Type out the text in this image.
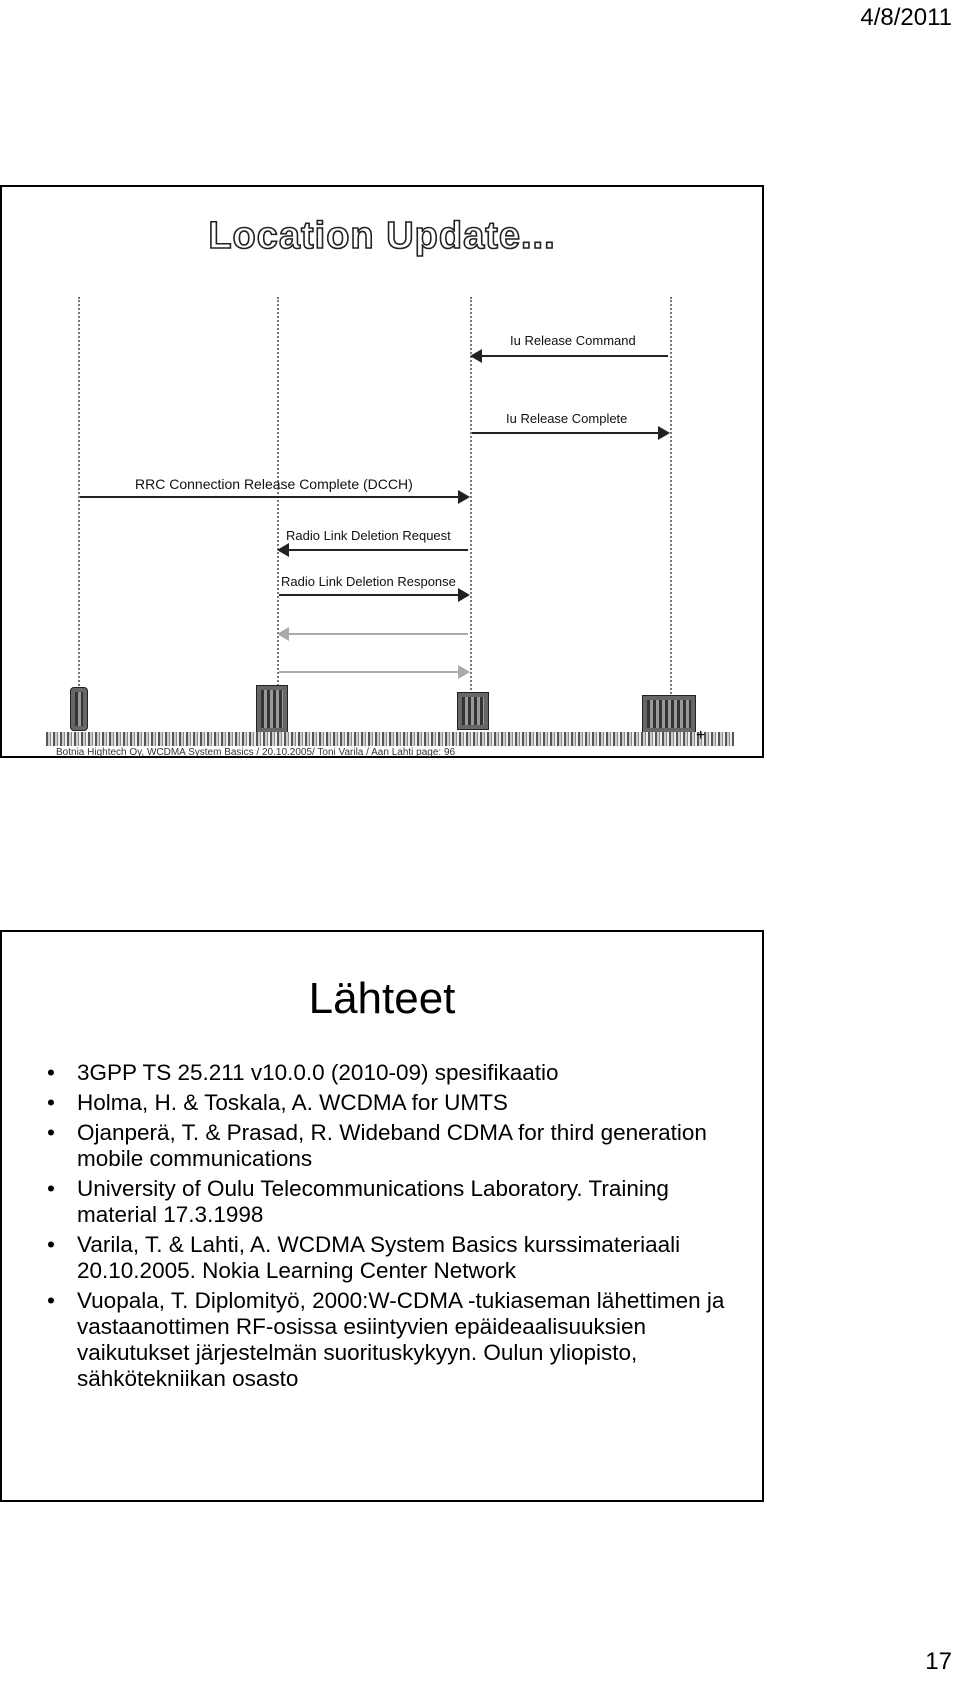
4/8/2011
Location Update...
Iu Release Command
Iu Release Complete
RRC Connection Release Complete (DCCH)
Radio Link Deletion Request
Radio Link Deletion Response
+
Botnia Hightech Oy, WCDMA System Basics / 20.10.2005/ Toni Varila / Aan Lahti page: 96
Lähteet
• 3GPP TS 25.211 v10.0.0 (2010-09) spesifikaatio
• Holma, H. & Toskala, A. WCDMA for UMTS
• Ojanperä, T. & Prasad, R. Wideband CDMA for third generation mobile communications
• University of Oulu Telecommunications Laboratory. Training material 17.3.1998
• Varila, T. & Lahti, A. WCDMA System Basics kurssimateriaali 20.10.2005. Nokia Learning Center Network
• Vuopala, T. Diplomityö, 2000:W-CDMA -tukiaseman lähettimen ja vastaanottimen RF-osissa esiintyvien epäideaalisuuksien vaikutukset järjestelmän suorituskykyyn. Oulun yliopisto, sähkötekniikan osasto
17
